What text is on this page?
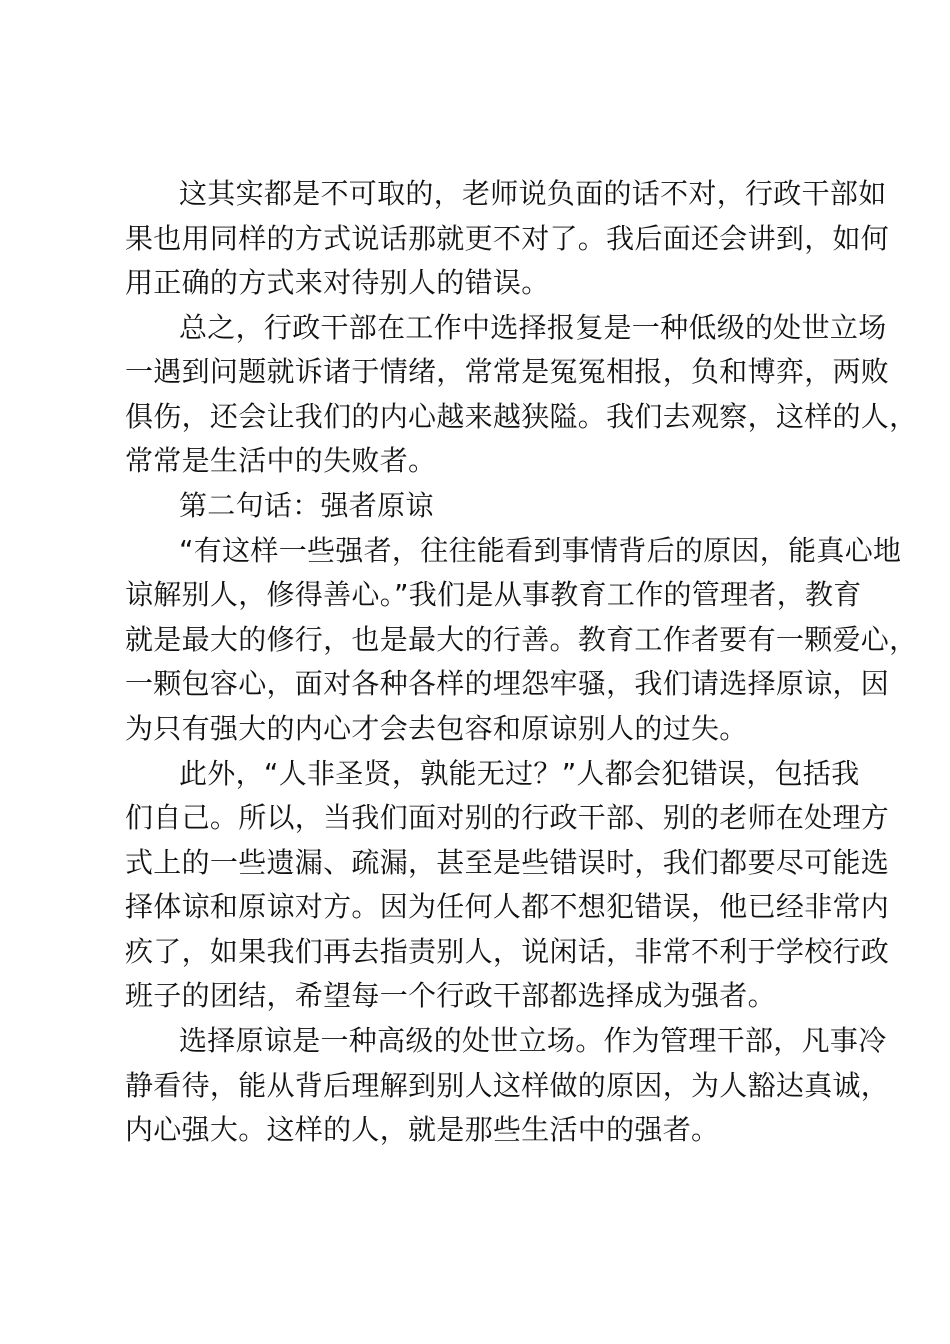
这其实都是不可取的，老师说负面的话不对，行政干部如

果也用同样的方式说话那就更不对了。我后面还会讲到，如何

用正确的方式来对待别人的错误。

总之，行政干部在工作中选择报复是一种低级的处世立场

一遇到问题就诉诸于情绪，常常是冤冤相报，负和博弈，两败

俱伤，还会让我们的内心越来越狭隘。我们去观察，这样的人，

常常是生活中的失败者。

第二句话：强者原谅

“有这样一些强者，往往能看到事情背后的原因，能真心地

谅解别人，修得善心。”我们是从事教育工作的管理者，教育

就是最大的修行，也是最大的行善。教育工作者要有一颗爱心，

一颗包容心，面对各种各样的埋怨牢骚，我们请选择原谅，因

为只有强大的内心才会去包容和原谅别人的过失。

此外，“人非圣贤，孰能无过？”人都会犯错误，包括我

们自己。所以，当我们面对别的行政干部、别的老师在处理方

式上的一些遗漏、疏漏，甚至是些错误时，我们都要尽可能选

择体谅和原谅对方。因为任何人都不想犯错误，他已经非常内

疚了，如果我们再去指责别人，说闲话，非常不利于学校行政

班子的团结，希望每一个行政干部都选择成为强者。

选择原谅是一种高级的处世立场。作为管理干部，凡事冷

静看待，能从背后理解到别人这样做的原因，为人豁达真诚，

内心强大。这样的人，就是那些生活中的强者。
